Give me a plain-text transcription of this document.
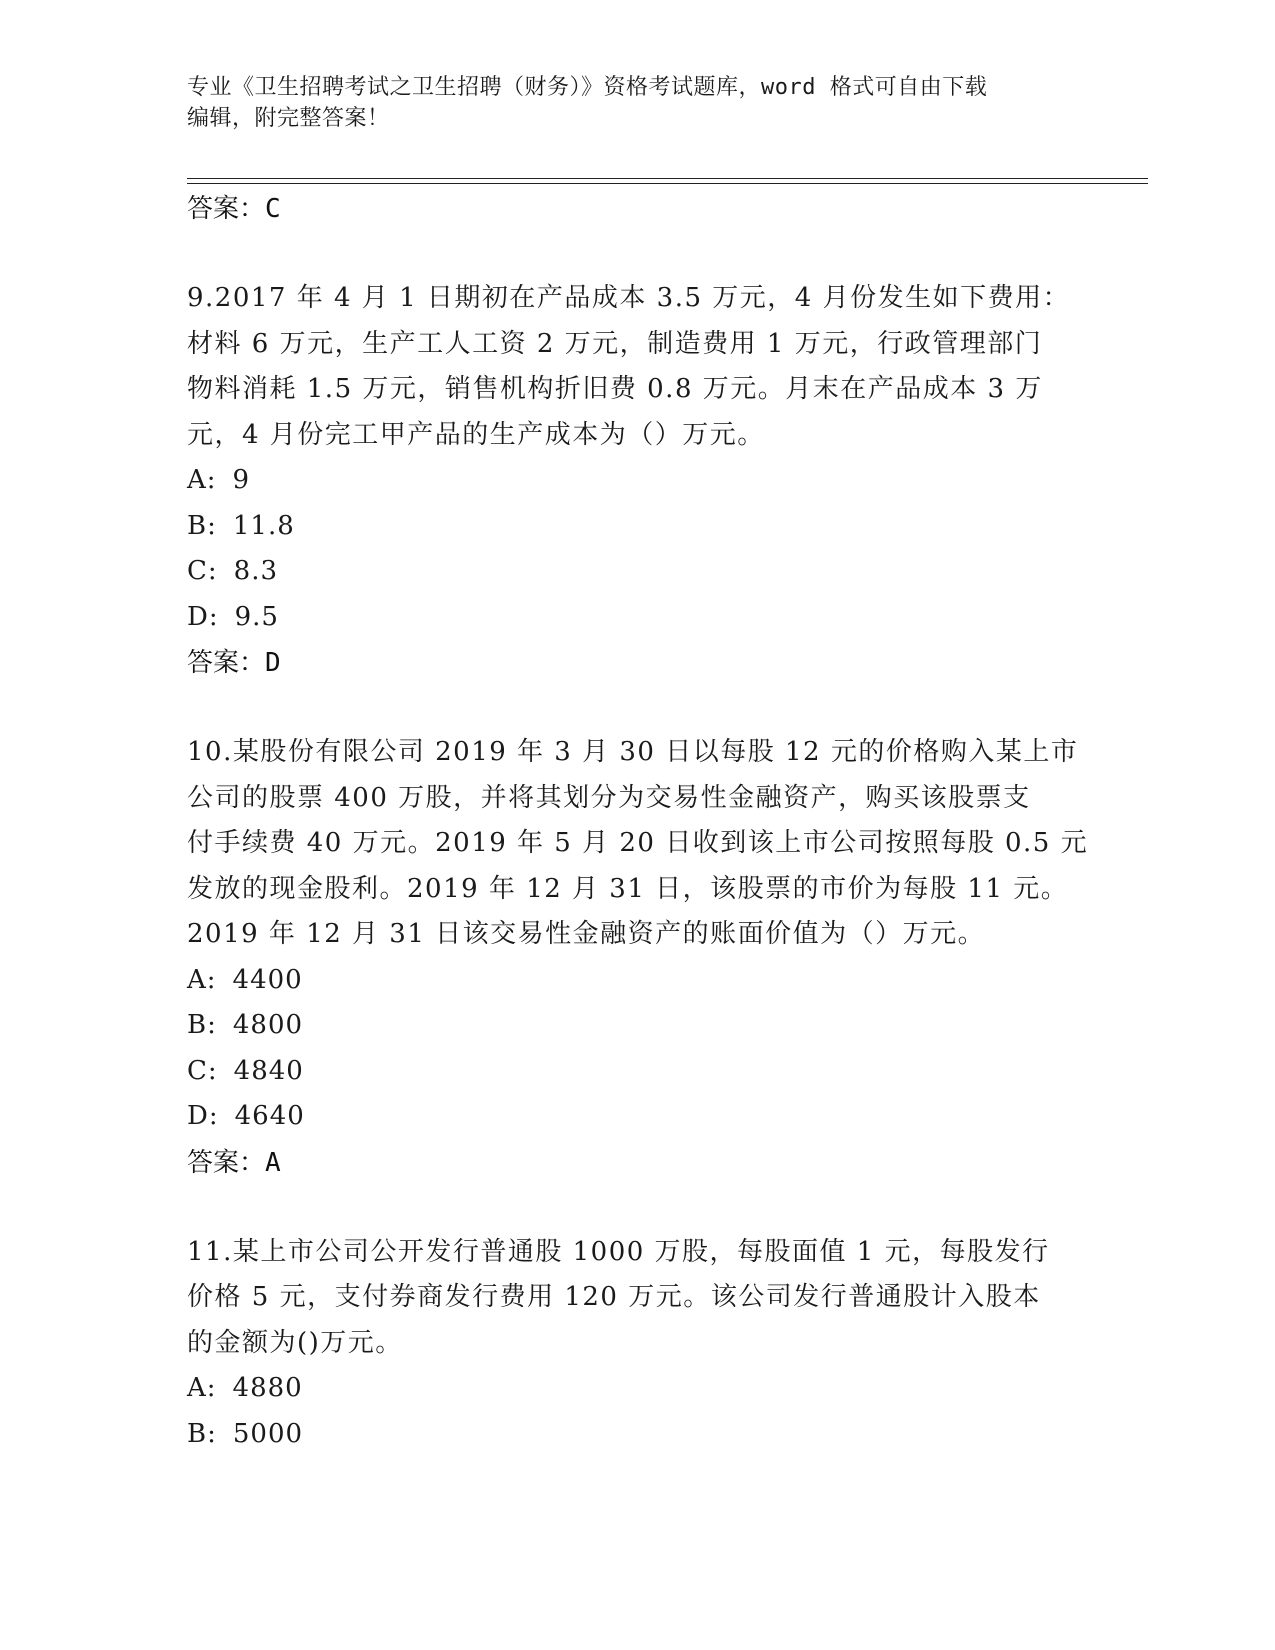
专业《卫生招聘考试之卫生招聘（财务）》资格考试题库，word 格式可自由下载
编辑，附完整答案！
答案：C
9.2017 年 4 月 1 日期初在产品成本 3.5 万元，4 月份发生如下费用：
材料 6 万元，生产工人工资 2 万元，制造费用 1 万元，行政管理部门
物料消耗 1.5 万元，销售机构折旧费 0.8 万元。月末在产品成本 3 万
元，4 月份完工甲产品的生产成本为（）万元。
A: 9
B: 11.8
C: 8.3
D: 9.5
答案：D
10.某股份有限公司 2019 年 3 月 30 日以每股 12 元的价格购入某上市
公司的股票 400 万股，并将其划分为交易性金融资产，购买该股票支
付手续费 40 万元。2019 年 5 月 20 日收到该上市公司按照每股 0.5 元
发放的现金股利。2019 年 12 月 31 日，该股票的市价为每股 11 元。
2019 年 12 月 31 日该交易性金融资产的账面价值为（）万元。
A: 4400
B: 4800
C: 4840
D: 4640
答案：A
11.某上市公司公开发行普通股 1000 万股，每股面值 1 元，每股发行
价格 5 元，支付券商发行费用 120 万元。该公司发行普通股计入股本
的金额为()万元。
A: 4880
B: 5000
